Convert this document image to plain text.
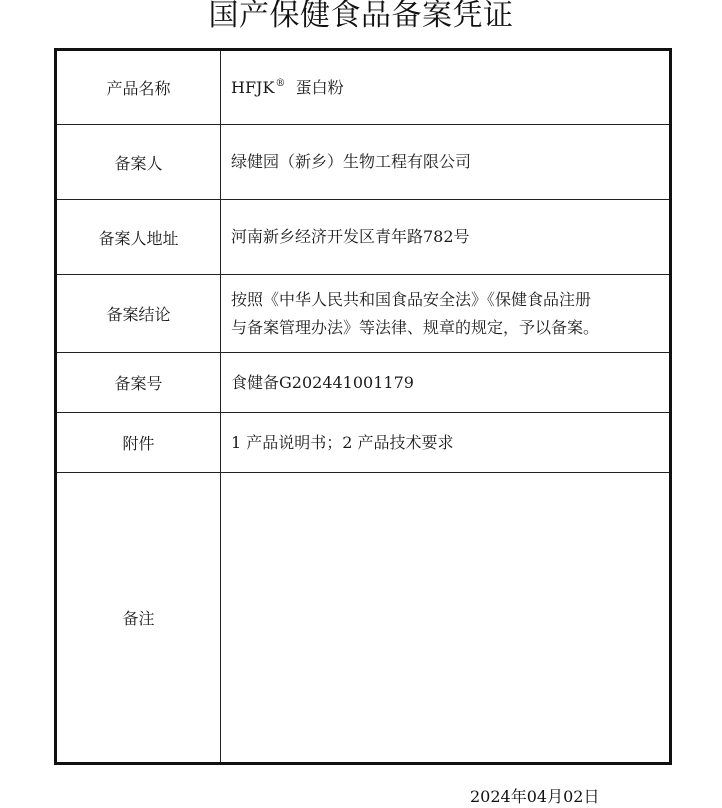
国产保健食品备案凭证
产品名称	HFJK® 蛋白粉
备案人	绿健园（新乡）生物工程有限公司
备案人地址	河南新乡经济开发区青年路782号
备案结论	按照《中华人民共和国食品安全法》《保健食品注册
与备案管理办法》等法律、规章的规定，予以备案。

备案号	食健备G202441001179
附件	1 产品说明书；2 产品技术要求
备注	
2024年04月02日
